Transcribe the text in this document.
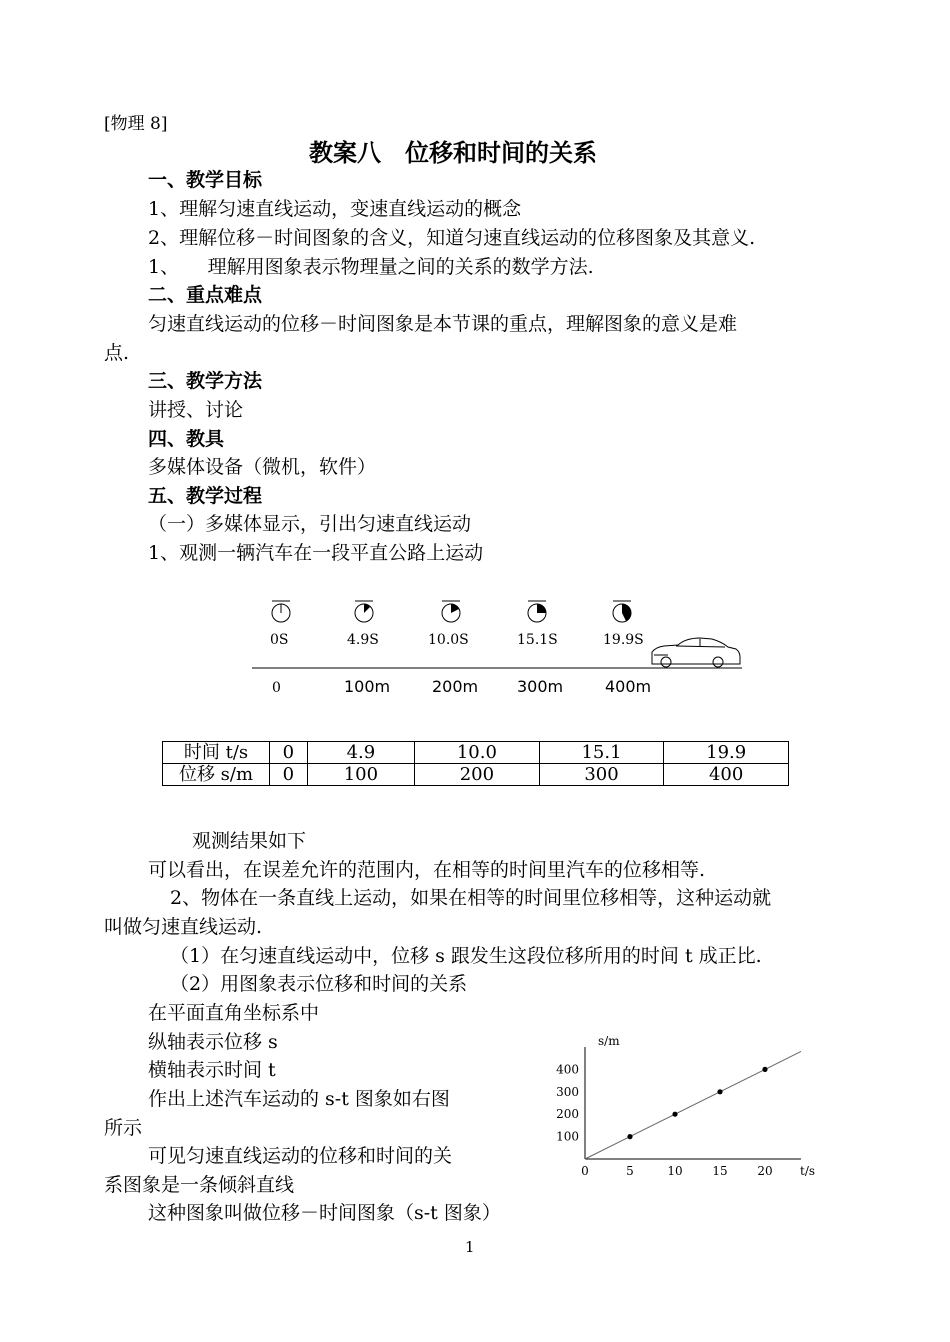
[物理 8]
教案八　位移和时间的关系
一、教学目标
1、理解匀速直线运动，变速直线运动的概念
2、理解位移－时间图象的含义，知道匀速直线运动的位移图象及其意义.
1、　　理解用图象表示物理量之间的关系的数学方法.
二、重点难点
匀速直线运动的位移－时间图象是本节课的重点，理解图象的意义是难
点.
三、教学方法
讲授、讨论
四、教具
多媒体设备（微机，软件）
五、教学过程
（一）多媒体显示，引出匀速直线运动
1、观测一辆汽车在一段平直公路上运动
0S	4.9S	10.0S	15.1S	19.9S
0	100m	200m 300m	400m
时间 t/s	0	4.9	10.0	15.1	19.9
位移 s/m	0	100	200	300	400
观测结果如下
可以看出，在误差允许的范围内，在相等的时间里汽车的位移相等.
2、物体在一条直线上运动，如果在相等的时间里位移相等，这种运动就
叫做匀速直线运动.
（1）在匀速直线运动中，位移 s 跟发生这段位移所用的时间 t 成正比.
（2）用图象表示位移和时间的关系
在平面直角坐标系中
纵轴表示位移 s
横轴表示时间 t
作出上述汽车运动的 s-t 图象如右图
所示
可见匀速直线运动的位移和时间的关
系图象是一条倾斜直线
这种图象叫做位移－时间图象（s-t 图象）
0	5	10 15 20
100
200
300
400
s/m
t/s
1
